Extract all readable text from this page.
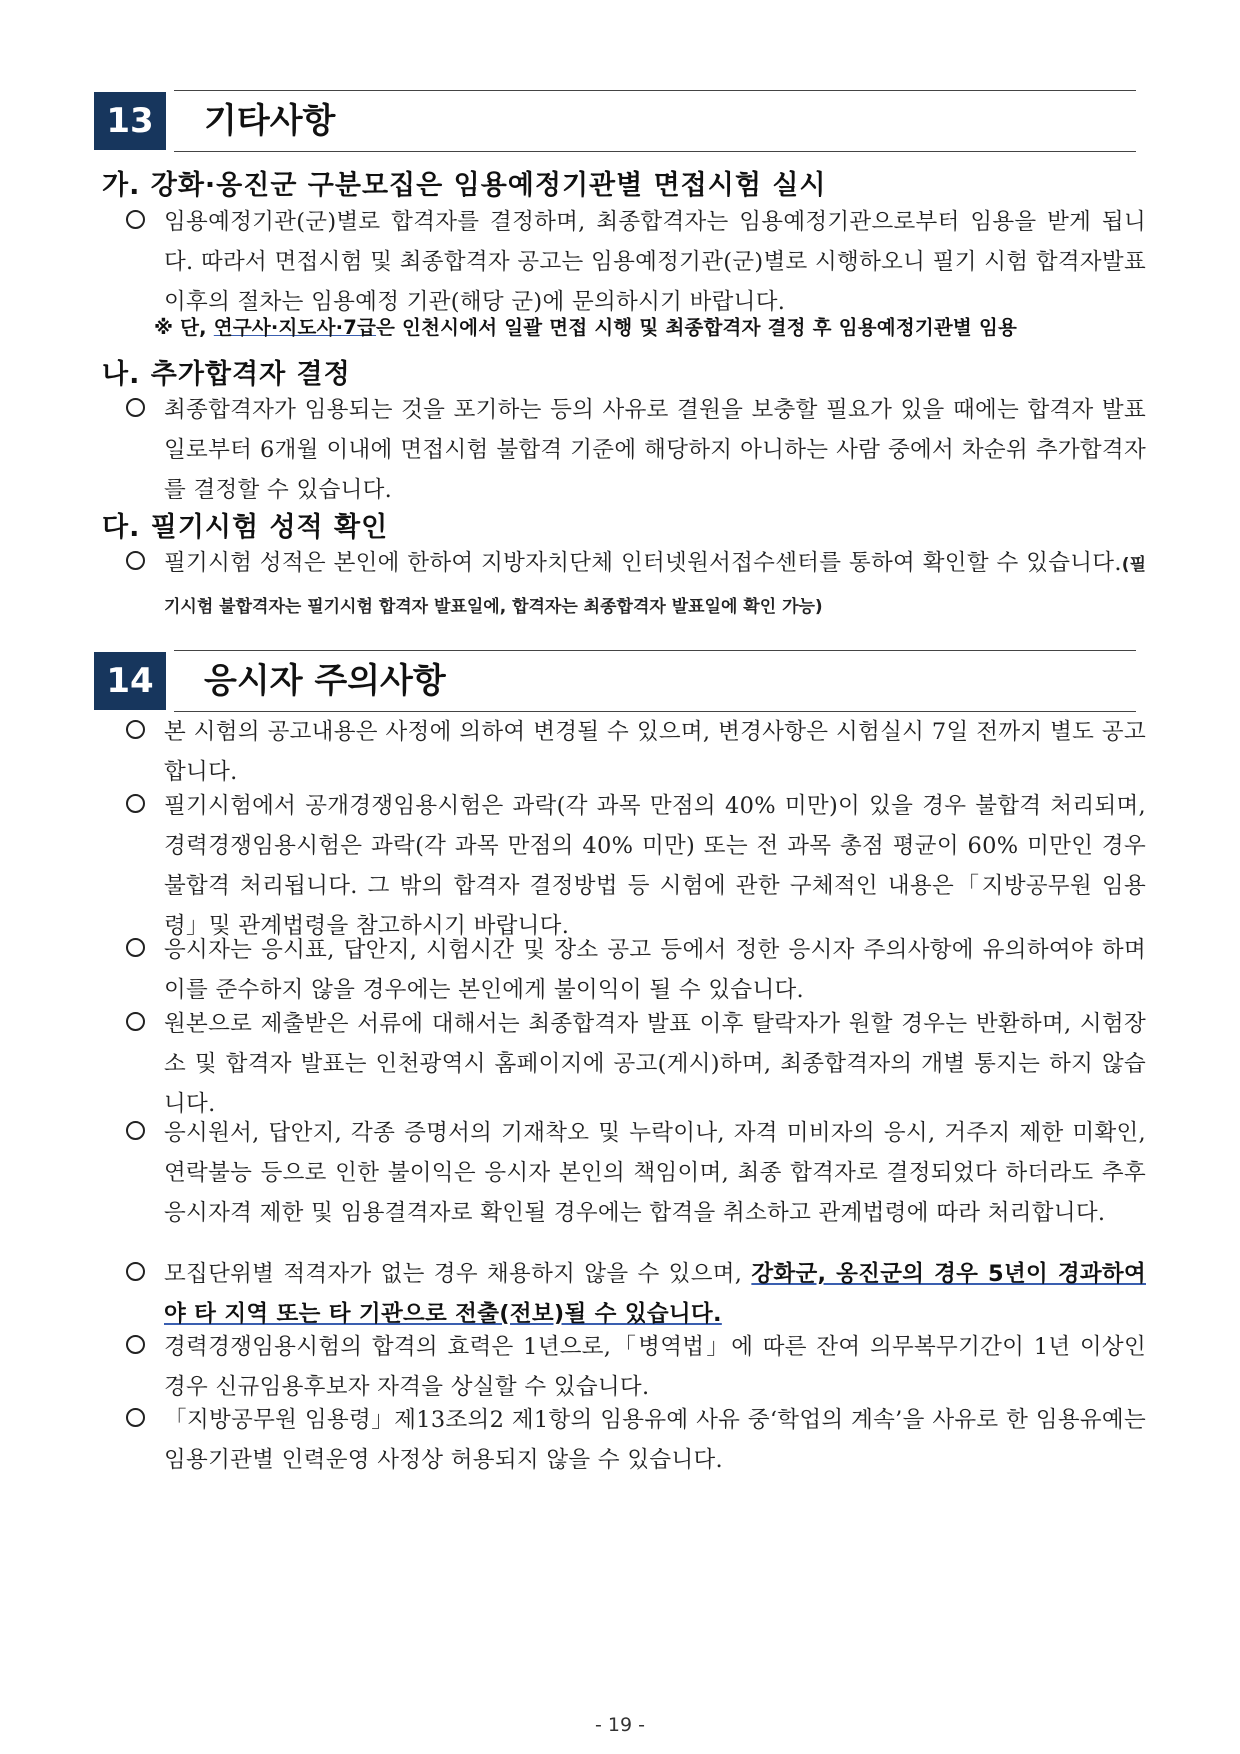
13	기타사항
가. 강화·옹진군 구분모집은 임용예정기관별 면접시험 실시
임용예정기관(군)별로 합격자를 결정하며, 최종합격자는 임용예정기관으로부터 임용을 받게 됩니다. 따라서 면접시험 및 최종합격자 공고는 임용예정기관(군)별로 시행하오니 필기 시험 합격자발표 이후의 절차는 임용예정 기관(해당 군)에 문의하시기 바랍니다.
※ 단, 연구사·지도사·7급은 인천시에서 일괄 면접 시행 및 최종합격자 결정 후 임용예정기관별 임용
나. 추가합격자 결정
최종합격자가 임용되는 것을 포기하는 등의 사유로 결원을 보충할 필요가 있을 때에는 합격자 발표일로부터 6개월 이내에 면접시험 불합격 기준에 해당하지 아니하는 사람 중에서 차순위 추가합격자를 결정할 수 있습니다.
다. 필기시험 성적 확인
필기시험 성적은 본인에 한하여 지방자치단체 인터넷원서접수센터를 통하여 확인할 수 있습니다.(필기시험 불합격자는 필기시험 합격자 발표일에, 합격자는 최종합격자 발표일에 확인 가능)
14	응시자 주의사항
본 시험의 공고내용은 사정에 의하여 변경될 수 있으며, 변경사항은 시험실시 7일 전까지 별도 공고합니다.
필기시험에서 공개경쟁임용시험은 과락(각 과목 만점의 40% 미만)이 있을 경우 불합격 처리되며, 경력경쟁임용시험은 과락(각 과목 만점의 40% 미만) 또는 전 과목 총점 평균이 60% 미만인 경우 불합격 처리됩니다. 그 밖의 합격자 결정방법 등 시험에 관한 구체적인 내용은「지방공무원 임용령」및 관계법령을 참고하시기 바랍니다.
응시자는 응시표, 답안지, 시험시간 및 장소 공고 등에서 정한 응시자 주의사항에 유의하여야 하며 이를 준수하지 않을 경우에는 본인에게 불이익이 될 수 있습니다.
원본으로 제출받은 서류에 대해서는 최종합격자 발표 이후 탈락자가 원할 경우는 반환하며, 시험장소 및 합격자 발표는 인천광역시 홈페이지에 공고(게시)하며, 최종합격자의 개별 통지는 하지 않습니다.
응시원서, 답안지, 각종 증명서의 기재착오 및 누락이나, 자격 미비자의 응시, 거주지 제한 미확인, 연락불능 등으로 인한 불이익은 응시자 본인의 책임이며, 최종 합격자로 결정되었다 하더라도 추후 응시자격 제한 및 임용결격자로 확인될 경우에는 합격을 취소하고 관계법령에 따라 처리합니다.
모집단위별 적격자가 없는 경우 채용하지 않을 수 있으며, 강화군, 옹진군의 경우 5년이 경과하여야 타 지역 또는 타 기관으로 전출(전보)될 수 있습니다.
경력경쟁임용시험의 합격의 효력은 1년으로,「병역법」에 따른 잔여 의무복무기간이 1년 이상인 경우 신규임용후보자 자격을 상실할 수 있습니다.
「지방공무원 임용령」제13조의2 제1항의 임용유예 사유 중‘학업의 계속’을 사유로 한 임용유예는 임용기관별 인력운영 사정상 허용되지 않을 수 있습니다.
- 19 -
